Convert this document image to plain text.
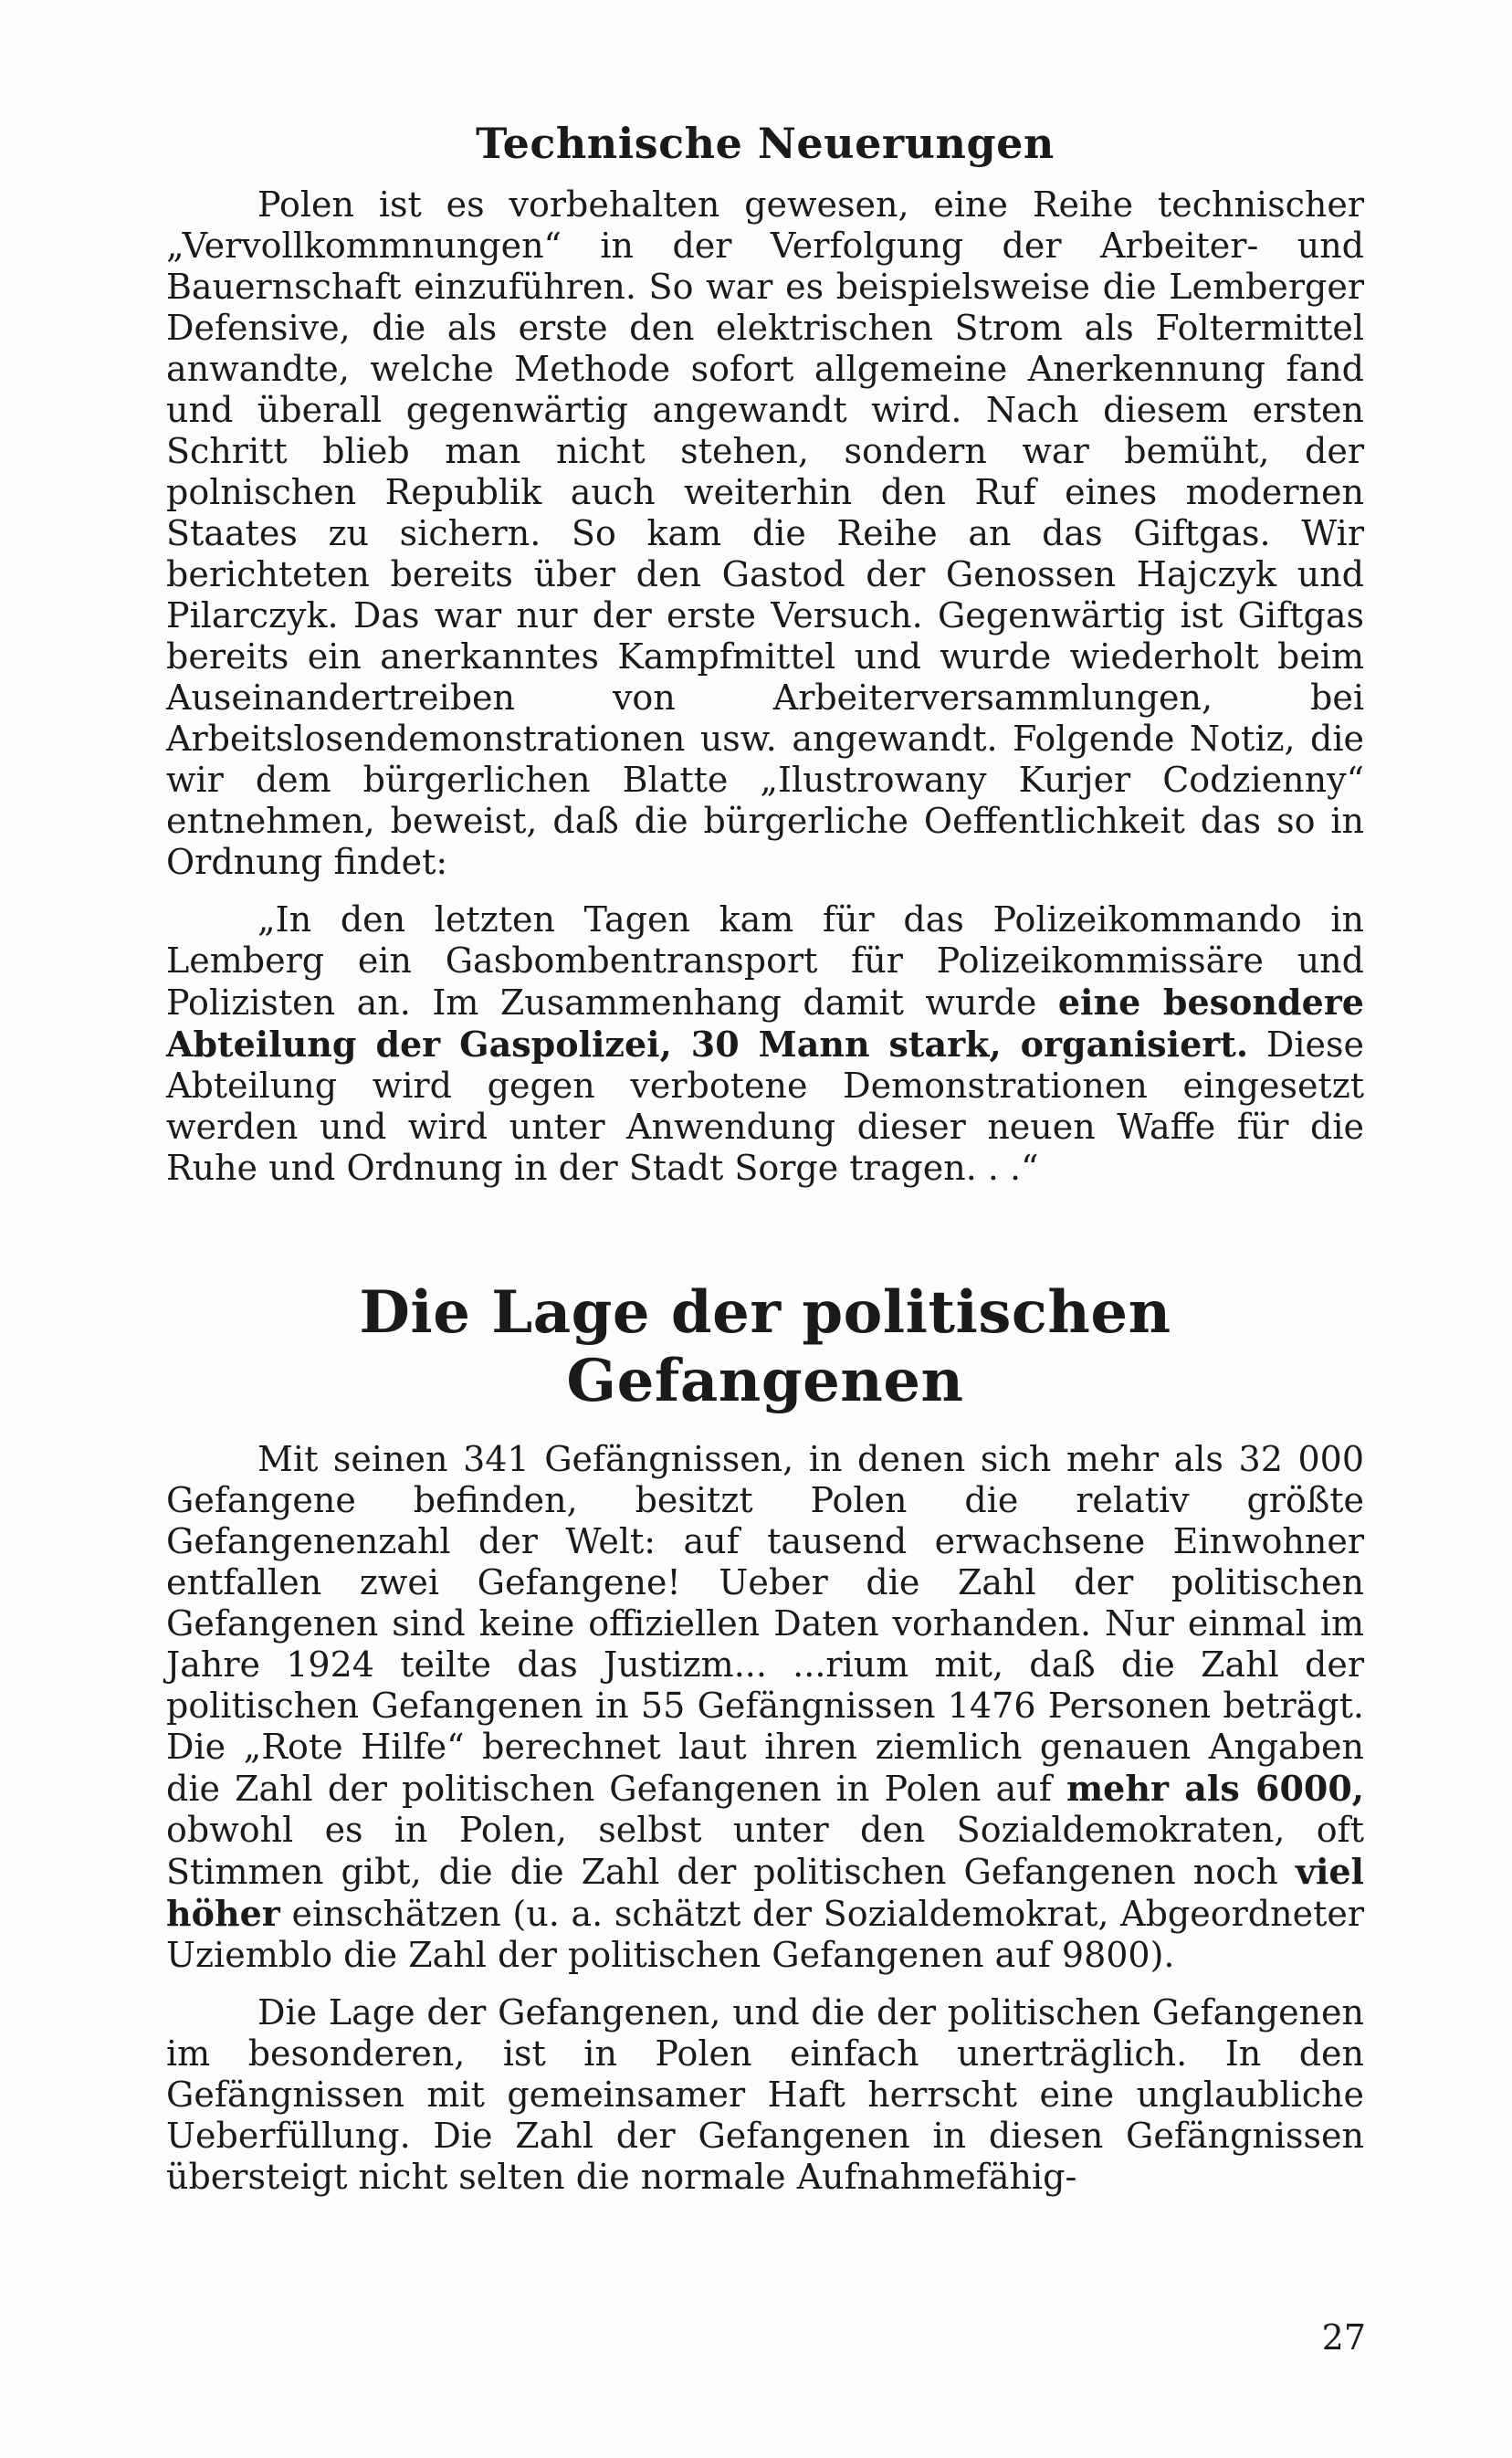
Technische Neuerungen

Polen ist es vorbehalten gewesen, eine Reihe technischer „Vervollkommnungen“ in der Verfolgung der Arbeiter- und Bauernschaft einzuführen. So war es beispielsweise die Lemberger Defensive, die als erste den elektrischen Strom als Foltermittel anwandte, welche Methode sofort allgemeine Anerkennung fand und überall gegenwärtig angewandt wird. Nach diesem ersten Schritt blieb man nicht stehen, sondern war bemüht, der polnischen Republik auch weiterhin den Ruf eines modernen Staates zu sichern. So kam die Reihe an das Giftgas. Wir berichteten bereits über den Gastod der Genossen Hajczyk und Pilarczyk. Das war nur der erste Versuch. Gegenwärtig ist Giftgas bereits ein anerkanntes Kampfmittel und wurde wiederholt beim Auseinandertreiben von Arbeiterversammlungen, bei Arbeitslosendemonstrationen usw. angewandt. Folgende Notiz, die wir dem bürgerlichen Blatte „Ilustrowany Kurjer Codzienny“ entnehmen, beweist, daß die bürgerliche Oeffentlichkeit das so in Ordnung findet:

„In den letzten Tagen kam für das Polizeikommando in Lemberg ein Gasbombentransport für Polizeikommissäre und Polizisten an. Im Zusammenhang damit wurde eine besondere Abteilung der Gaspolizei, 30 Mann stark, organisiert. Diese Abteilung wird gegen verbotene Demonstrationen eingesetzt werden und wird unter Anwendung dieser neuen Waffe für die Ruhe und Ordnung in der Stadt Sorge tragen. . .“

Die Lage der politischen Gefangenen

Mit seinen 341 Gefängnissen, in denen sich mehr als 32 000 Gefangene befinden, besitzt Polen die relativ größte Gefangenenzahl der Welt: auf tausend erwachsene Einwohner entfallen zwei Gefangene! Ueber die Zahl der politischen Gefangenen sind keine offiziellen Daten vorhanden. Nur einmal im Jahre 1924 teilte das Justizm... ...rium mit, daß die Zahl der politischen Gefangenen in 55 Gefängnissen 1476 Personen beträgt. Die „Rote Hilfe“ berechnet laut ihren ziemlich genauen Angaben die Zahl der politischen Gefangenen in Polen auf mehr als 6000, obwohl es in Polen, selbst unter den Sozialdemokraten, oft Stimmen gibt, die die Zahl der politischen Gefangenen noch viel höher einschätzen (u. a. schätzt der Sozialdemokrat, Abgeordneter Uziemblo die Zahl der politischen Gefangenen auf 9800).

Die Lage der Gefangenen, und die der politischen Gefangenen im besonderen, ist in Polen einfach unerträglich. In den Gefängnissen mit gemeinsamer Haft herrscht eine unglaubliche Ueberfüllung. Die Zahl der Gefangenen in diesen Gefängnissen übersteigt nicht selten die normale Aufnahmefähig-

27
